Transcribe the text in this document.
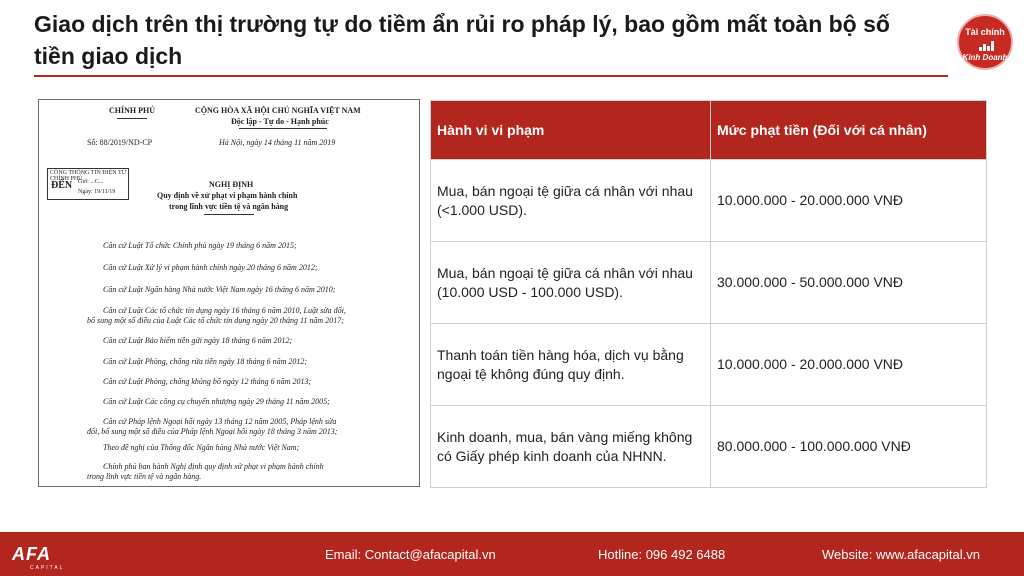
Giao dịch trên thị trường tự do tiềm ẩn rủi ro pháp lý, bao gồm mất toàn bộ số tiền giao dịch
Tài chính
Kinh Doanh
CHÍNH PHỦ
Số: 88/2019/ND-CP
CỘNG HÒA XÃ HỘI CHỦ NGHĨA VIỆT NAM
Độc lập - Tự do - Hạnh phúc
Hà Nội, ngày 14 tháng 11 năm 2019
CÔNG THÔNG TIN ĐIỆN TỬ CHÍNH PHỦ
ĐẾN Giờ: ...C...
Ngày: 19/11/19
NGHỊ ĐỊNH
Quy định về xử phạt vi phạm hành chính
trong lĩnh vực tiền tệ và ngân hàng
Căn cứ Luật Tổ chức Chính phủ ngày 19 tháng 6 năm 2015;
Căn cứ Luật Xử lý vi phạm hành chính ngày 20 tháng 6 năm 2012;
Căn cứ Luật Ngân hàng Nhà nước Việt Nam ngày 16 tháng 6 năm 2010;
Căn cứ Luật Các tổ chức tín dụng ngày 16 tháng 6 năm 2010, Luật sửa đổi,
bổ sung một số điều của Luật Các tổ chức tín dụng ngày 20 tháng 11 năm 2017;
Căn cứ Luật Bảo hiểm tiền gửi ngày 18 tháng 6 năm 2012;
Căn cứ Luật Phòng, chống rửa tiền ngày 18 tháng 6 năm 2012;
Căn cứ Luật Phòng, chống khủng bố ngày 12 tháng 6 năm 2013;
Căn cứ Luật Các công cụ chuyển nhượng ngày 29 tháng 11 năm 2005;
Căn cứ Pháp lệnh Ngoại hối ngày 13 tháng 12 năm 2005, Pháp lệnh sửa
đổi, bổ sung một số điều của Pháp lệnh Ngoại hối ngày 18 tháng 3 năm 2013;
Theo đề nghị của Thống đốc Ngân hàng Nhà nước Việt Nam;
Chính phủ ban hành Nghị định quy định xử phạt vi phạm hành chính
trong lĩnh vực tiền tệ và ngân hàng.
Hành vi vi phạm	Mức phạt tiền (Đối với cá nhân)
Mua, bán ngoại tệ giữa cá nhân với nhau (<1.000 USD).	10.000.000 - 20.000.000 VNĐ
Mua, bán ngoại tệ giữa cá nhân với nhau (10.000 USD - 100.000 USD).	30.000.000 - 50.000.000 VNĐ
Thanh toán tiền hàng hóa, dịch vụ bằng ngoại tệ không đúng quy định.	10.000.000 - 20.000.000 VNĐ
Kinh doanh, mua, bán vàng miếng không có Giấy phép kinh doanh của NHNN.	80.000.000 - 100.000.000 VNĐ
AFA
CAPITAL
Email: Contact@afacapital.vn	Hotline: 096 492 6488	Website: www.afacapital.vn
